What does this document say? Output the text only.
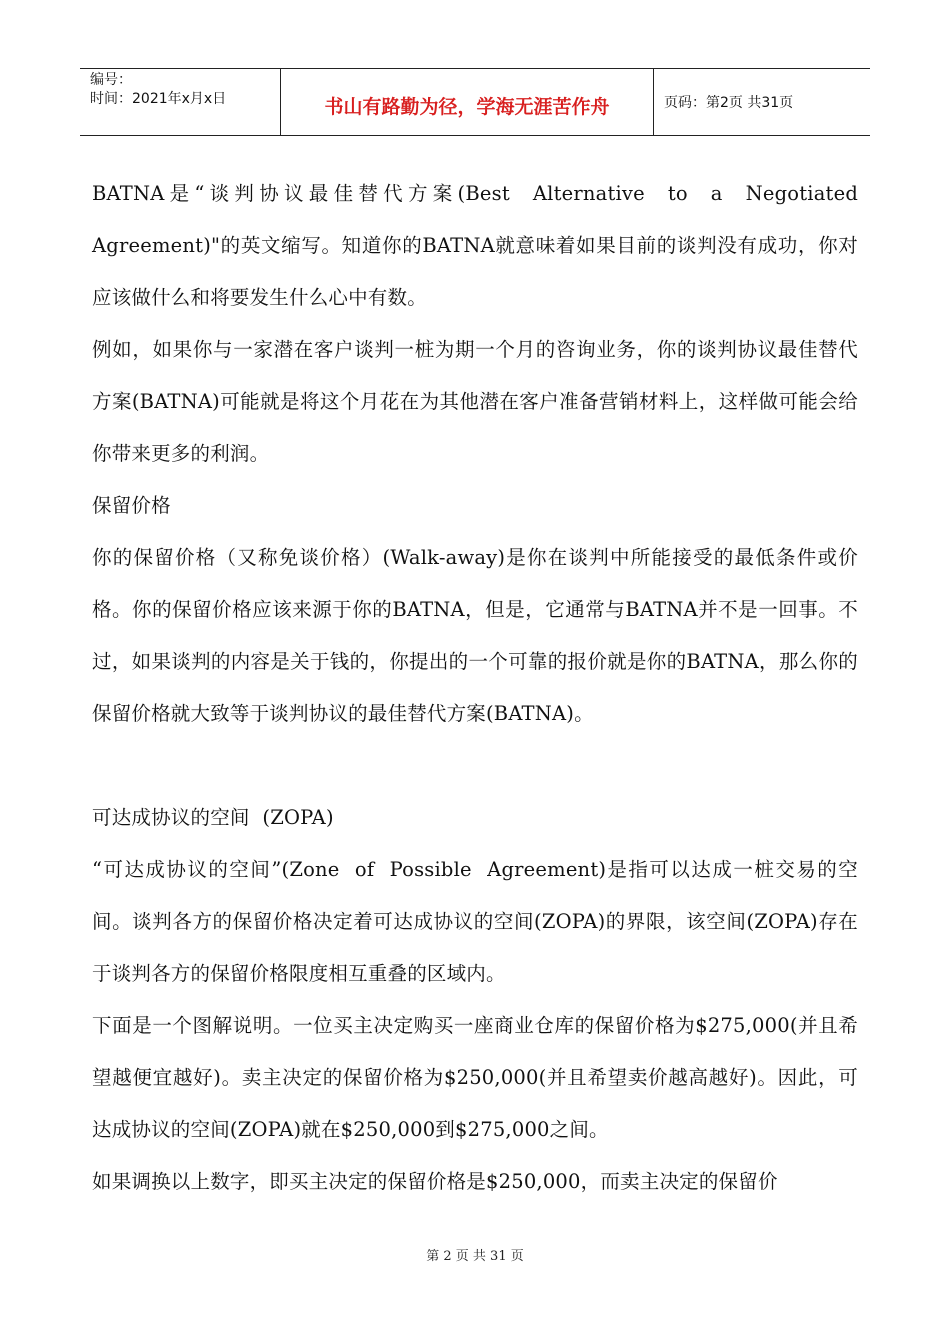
编号：
时间：2021年x月x日	书山有路勤为径，学海无涯苦作舟	页码：第2页 共31页

BATNA是“谈判协议最佳替代方案(Best  Alternative  to  a  Negotiated Agreement)"的英文缩写。知道你的BATNA就意味着如果目前的谈判没有成功，你对应该做什么和将要发生什么心中有数。

例如，如果你与一家潜在客户谈判一桩为期一个月的咨询业务，你的谈判协议最佳替代方案(BATNA)可能就是将这个月花在为其他潜在客户准备营销材料上，这样做可能会给你带来更多的利润。

保留价格

你的保留价格（又称免谈价格）(Walk-away)是你在谈判中所能接受的最低条件或价格。你的保留价格应该来源于你的BATNA，但是，它通常与BATNA并不是一回事。不过，如果谈判的内容是关于钱的，你提出的一个可靠的报价就是你的BATNA，那么你的保留价格就大致等于谈判协议的最佳替代方案(BATNA)。

可达成协议的空间  (ZOPA)

“可达成协议的空间”(Zone  of  Possible  Agreement)是指可以达成一桩交易的空间。谈判各方的保留价格决定着可达成协议的空间(ZOPA)的界限，该空间(ZOPA)存在于谈判各方的保留价格限度相互重叠的区域内。

下面是一个图解说明。一位买主决定购买一座商业仓库的保留价格为$275,000(并且希望越便宜越好)。卖主决定的保留价格为$250,000(并且希望卖价越高越好)。因此，可达成协议的空间(ZOPA)就在$250,000到$275,000之间。

如果调换以上数字，即买主决定的保留价格是$250,000，而卖主决定的保留价

第 2 页 共 31 页
